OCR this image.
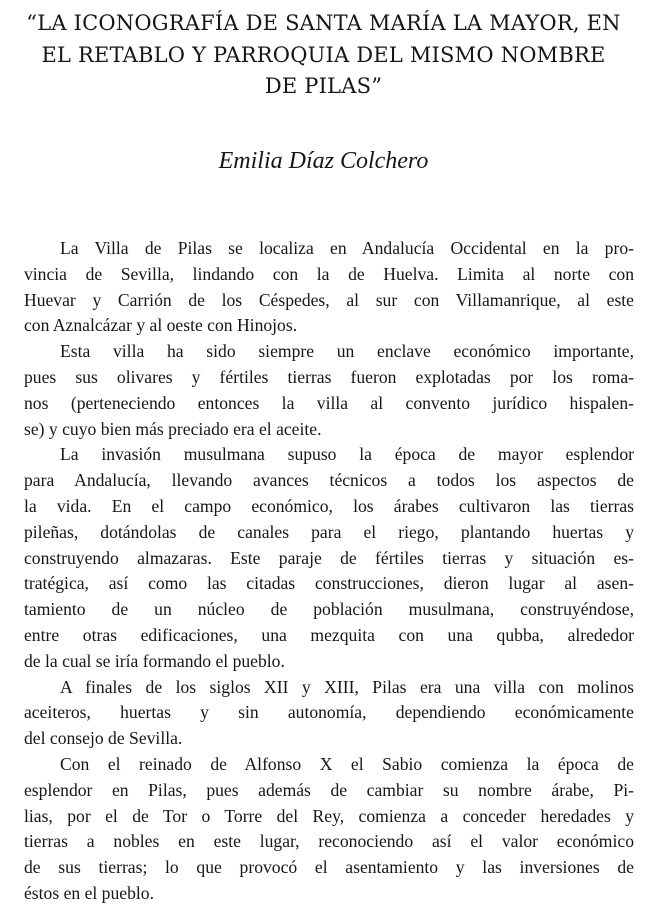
“LA ICONOGRAFÍA DE SANTA MARÍA LA MAYOR, EN
EL RETABLO Y PARROQUIA DEL MISMO NOMBRE
DE PILAS”
Emilia Díaz Colchero

La Villa de Pilas se localiza en Andalucía Occidental en la pro-
vincia de Sevilla, lindando con la de Huelva. Limita al norte con
Huevar y Carrión de los Céspedes, al sur con Villamanrique, al este
con Aznalcázar y al oeste con Hinojos.

Esta villa ha sido siempre un enclave económico importante,
pues sus olivares y fértiles tierras fueron explotadas por los roma-
nos (perteneciendo entonces la villa al convento jurídico hispalen-
se) y cuyo bien más preciado era el aceite.

La invasión musulmana supuso la época de mayor esplendor
para Andalucía, llevando avances técnicos a todos los aspectos de
la vida. En el campo económico, los árabes cultivaron las tierras
pileñas, dotándolas de canales para el riego, plantando huertas y
construyendo almazaras. Este paraje de fértiles tierras y situación es-
tratégica, así como las citadas construcciones, dieron lugar al asen-
tamiento de un núcleo de población musulmana, construyéndose,
entre otras edificaciones, una mezquita con una qubba, alrededor
de la cual se iría formando el pueblo.

A finales de los siglos XII y XIII, Pilas era una villa con molinos
aceiteros, huertas y sin autonomía, dependiendo económicamente
del consejo de Sevilla.

Con el reinado de Alfonso X el Sabio comienza la época de
esplendor en Pilas, pues además de cambiar su nombre árabe, Pi-
lias, por el de Tor o Torre del Rey, comienza a conceder heredades y
tierras a nobles en este lugar, reconociendo así el valor económico
de sus tierras; lo que provocó el asentamiento y las inversiones de
éstos en el pueblo.
